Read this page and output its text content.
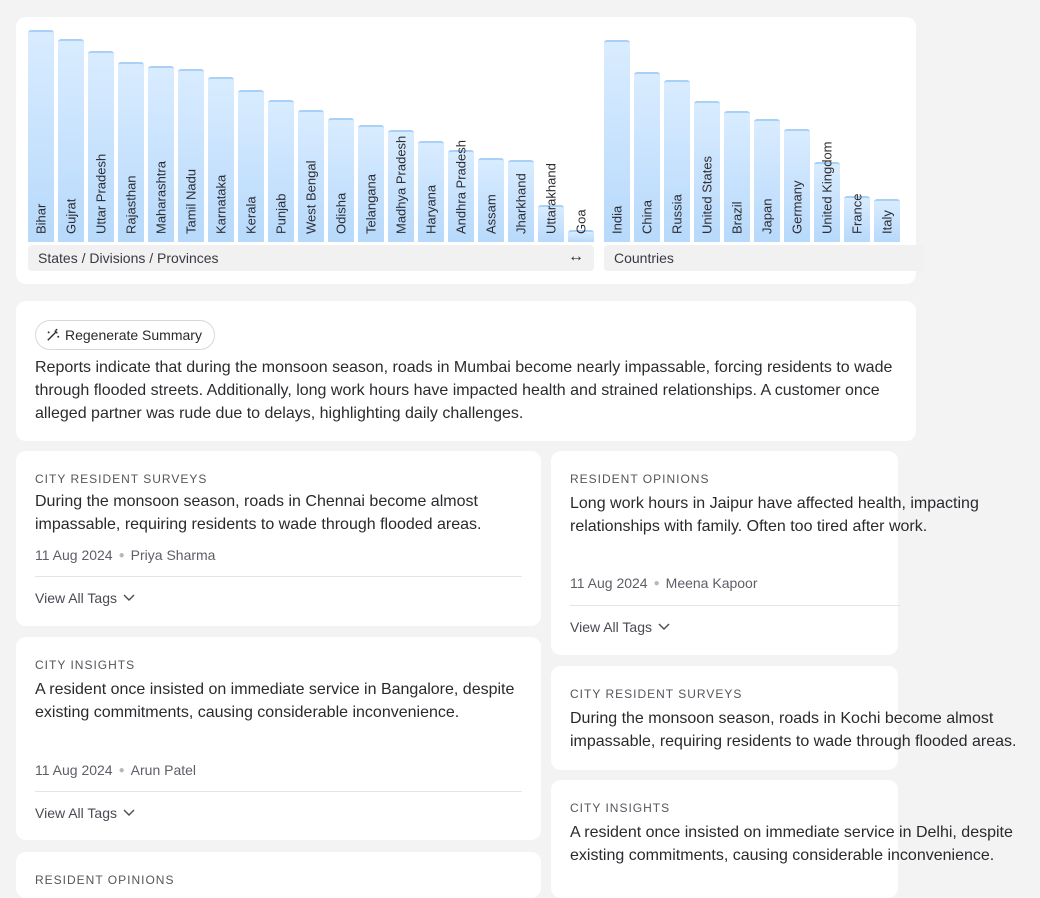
Bihar Gujrat Uttar Pradesh Rajasthan Maharashtra Tamil Nadu Karnataka Kerala Punjab West Bengal Odisha Telangana Madhya Pradesh Haryana Andhra Pradesh Assam Jharkhand Uttarakhand Goa
States / Divisions / Provinces	↔
India China Russia United States Brazil Japan Germany United Kingdom France Italy
Countries
Regenerate Summary
Reports indicate that during the monsoon season, roads in Mumbai become nearly impassable, forcing residents to wade through flooded streets. Additionally, long work hours have impacted health and strained relationships. A customer once alleged partner was rude due to delays, highlighting daily challenges.
CITY RESIDENT SURVEYS
During the monsoon season, roads in Chennai become almost impassable, requiring residents to wade through flooded areas.
11 Aug 2024 ● Priya Sharma
View All Tags
CITY INSIGHTS
A resident once insisted on immediate service in Bangalore, despite existing commitments, causing considerable inconvenience.
11 Aug 2024 ● Arun Patel
View All Tags
RESIDENT OPINIONS
RESIDENT OPINIONS
Long work hours in Jaipur have affected health, impacting relationships with family. Often too tired after work.
11 Aug 2024 ● Meena Kapoor
View All Tags
CITY RESIDENT SURVEYS
During the monsoon season, roads in Kochi become almost impassable, requiring residents to wade through flooded areas.
CITY INSIGHTS
A resident once insisted on immediate service in Delhi, despite existing commitments, causing considerable inconvenience.
